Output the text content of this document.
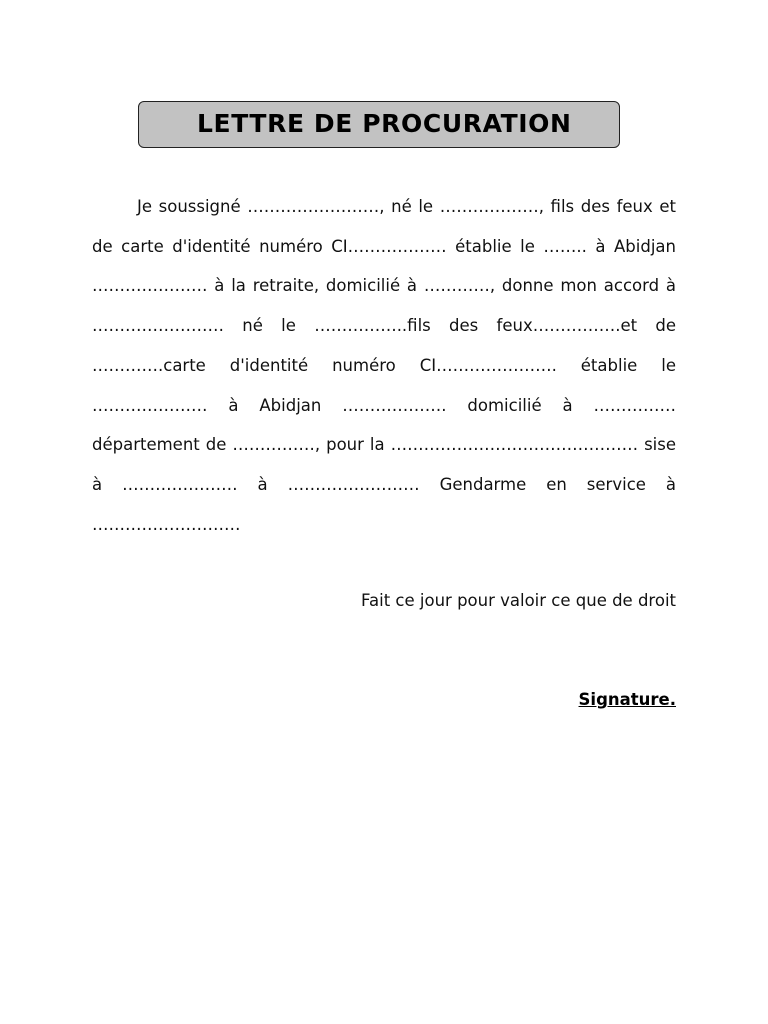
LETTRE DE PROCURATION

Je soussigné ……………………, né le ………………, fils des feux et de carte d'identité numéro CI……………… établie le …….. à Abidjan ………………… à la retraite, domicilié à …………, donne mon accord à …………………… né le ……………..fils des feux…………….et de ………….carte d'identité numéro CI…………………. établie le ………………… à Abidjan ………………. domicilié à ……………département de ……………, pour la ……………………………………… sise à ………………… à …………………… Gendarme en service à ………………………

Fait ce jour pour valoir ce que de droit
Signature.
